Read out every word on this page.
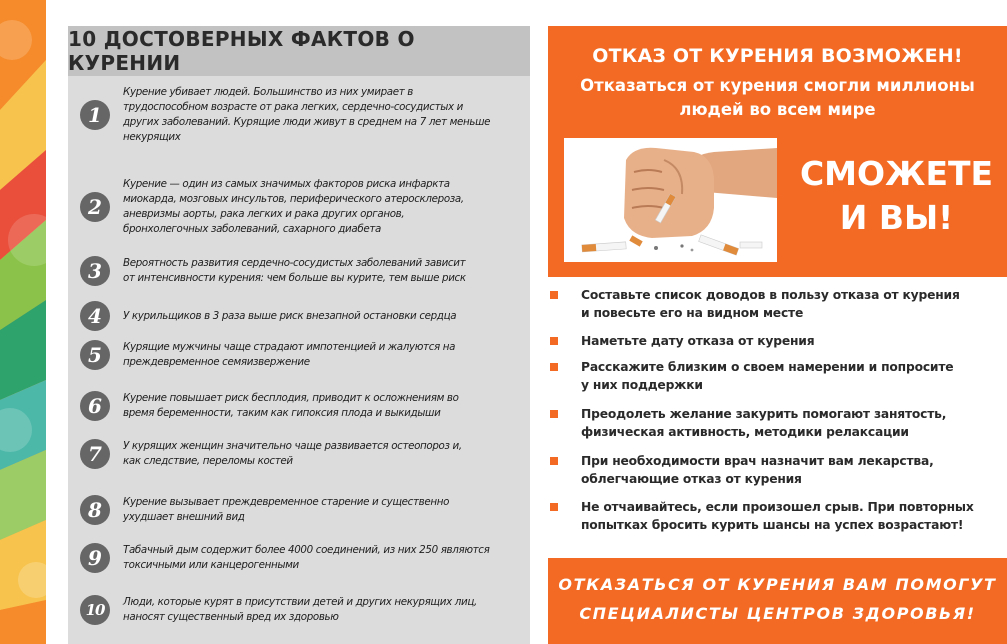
10 ДОСТОВЕРНЫХ ФАКТОВ О КУРЕНИИ
1
Курение убивает людей. Большинство из них умирает в
трудоспособном возрасте от рака легких, сердечно-сосудистых и
других заболеваний. Курящие люди живут в среднем на 7 лет меньше
некурящих
2
Курение — один из самых значимых факторов риска инфаркта
миокарда, мозговых инсультов, периферического атеросклероза,
аневризмы аорты, рака легких и рака других органов,
бронхолегочных заболеваний, сахарного диабета
3	Вероятность развития сердечно-сосудистых заболеваний зависит
от интенсивности курения: чем больше вы курите, тем выше риск
4	У курильщиков в 3 раза выше риск внезапной остановки сердца
5	Курящие мужчины чаще страдают импотенцией и жалуются на
преждевременное семяизвержение
6	Курение повышает риск бесплодия, приводит к осложнениям во
время беременности, таким как гипоксия плода и выкидыши
7	У курящих женщин значительно чаще развивается остеопороз и,
как следствие, переломы костей
8	Курение вызывает преждевременное старение и существенно
ухудшает внешний вид
9	Табачный дым содержит более 4000 соединений, из них 250 являются
токсичными или канцерогенными
10	Люди, которые курят в присутствии детей и других некурящих лиц,
наносят существенный вред их здоровью
ОТКАЗ ОТ КУРЕНИЯ ВОЗМОЖЕН!
Отказаться от курения смогли миллионы
людей во всем мире
СМОЖЕТЕ
И ВЫ!
Составьте список доводов в пользу отказа от курения
и повесьте его на видном месте
Наметьте дату отказа от курения
Расскажите близким о своем намерении и попросите
у них поддержки
Преодолеть желание закурить помогают занятость,
физическая активность, методики релаксации
При необходимости врач назначит вам лекарства,
облегчающие отказ от курения
Не отчаивайтесь, если произошел срыв. При повторных
попытках бросить курить шансы на успех возрастают!
ОТКАЗАТЬСЯ ОТ КУРЕНИЯ ВАМ ПОМОГУТ
СПЕЦИАЛИСТЫ ЦЕНТРОВ ЗДОРОВЬЯ!
